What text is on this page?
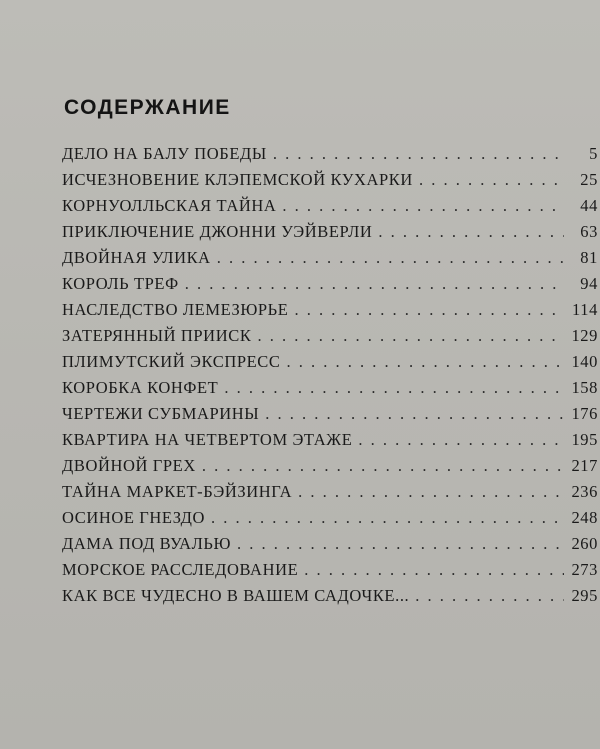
СОДЕРЖАНИЕ
ДЕЛО НА БАЛУ ПОБЕДЫ . . .	5
ИСЧЕЗНОВЕНИЕ КЛЭПЕМСКОЙ КУХАРКИ . . .	25
КОРНУОЛЛЬСКАЯ ТАЙНА . . .	44
ПРИКЛЮЧЕНИЕ ДЖОННИ УЭЙВЕРЛИ . . .	63
ДВОЙНАЯ УЛИКА . . .	81
КОРОЛЬ ТРЕФ . . .	94
НАСЛЕДСТВО ЛЕМЕЗЮРЬЕ . . .	114
ЗАТЕРЯННЫЙ ПРИИСК . . .	129
ПЛИМУТСКИЙ ЭКСПРЕСС . . .	140
КОРОБКА КОНФЕТ . . .	158
ЧЕРТЕЖИ СУБМАРИНЫ . . .	176
КВАРТИРА НА ЧЕТВЕРТОМ ЭТАЖЕ . . .	195
ДВОЙНОЙ ГРЕХ . . .	217
ТАЙНА МАРКЕТ-БЭЙЗИНГА . . .	236
ОСИНОЕ ГНЕЗДО . . .	248
ДАМА ПОД ВУАЛЬЮ . . .	260
МОРСКОЕ РАССЛЕДОВАНИЕ . . .	273
КАК ВСЕ ЧУДЕСНО В ВАШЕМ САДОЧКЕ... . . .	295
